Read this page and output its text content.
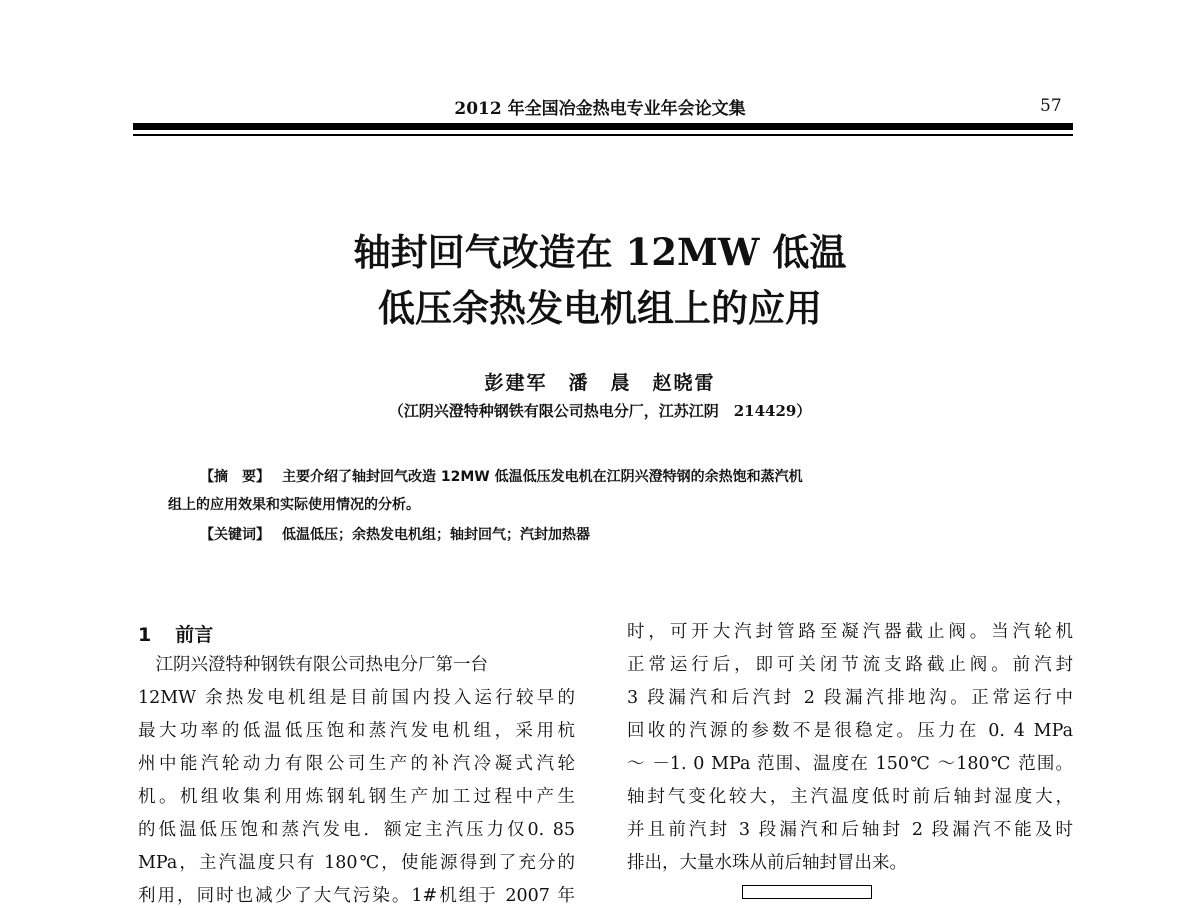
2012 年全国冶金热电专业年会论文集	57
轴封回气改造在 12MW 低温
低压余热发电机组上的应用
彭建军　潘　晨　赵晓雷
（江阴兴澄特种钢铁有限公司热电分厂，江苏江阴　214429）
【摘　要】 主要介绍了轴封回气改造 12MW 低温低压发电机在江阴兴澄特钢的余热饱和蒸汽机
组上的应用效果和实际使用情况的分析。
【关键词】 低温低压；余热发电机组；轴封回气；汽封加热器
1 前言
　江阴兴澄特种钢铁有限公司热电分厂第一台
12MW 余热发电机组是目前国内投入运行较早的
最大功率的低温低压饱和蒸汽发电机组，采用杭
州中能汽轮动力有限公司生产的补汽冷凝式汽轮
机。机组收集利用炼钢轧钢生产加工过程中产生
的低温低压饱和蒸汽发电．额定主汽压力仅0. 85
MPa，主汽温度只有 180℃，使能源得到了充分的
利用，同时也减少了大气污染。1#机组于 2007 年
时，可开大汽封管路至凝汽器截止阀。当汽轮机
正常运行后，即可关闭节流支路截止阀。前汽封
3 段漏汽和后汽封 2 段漏汽排地沟。正常运行中
回收的汽源的参数不是很稳定。压力在 0. 4 MPa
～ －1. 0 MPa 范围、温度在 150℃ ～180℃ 范围。
轴封气变化较大，主汽温度低时前后轴封湿度大，
并且前汽封 3 段漏汽和后轴封 2 段漏汽不能及时
排出，大量水珠从前后轴封冒出来。
